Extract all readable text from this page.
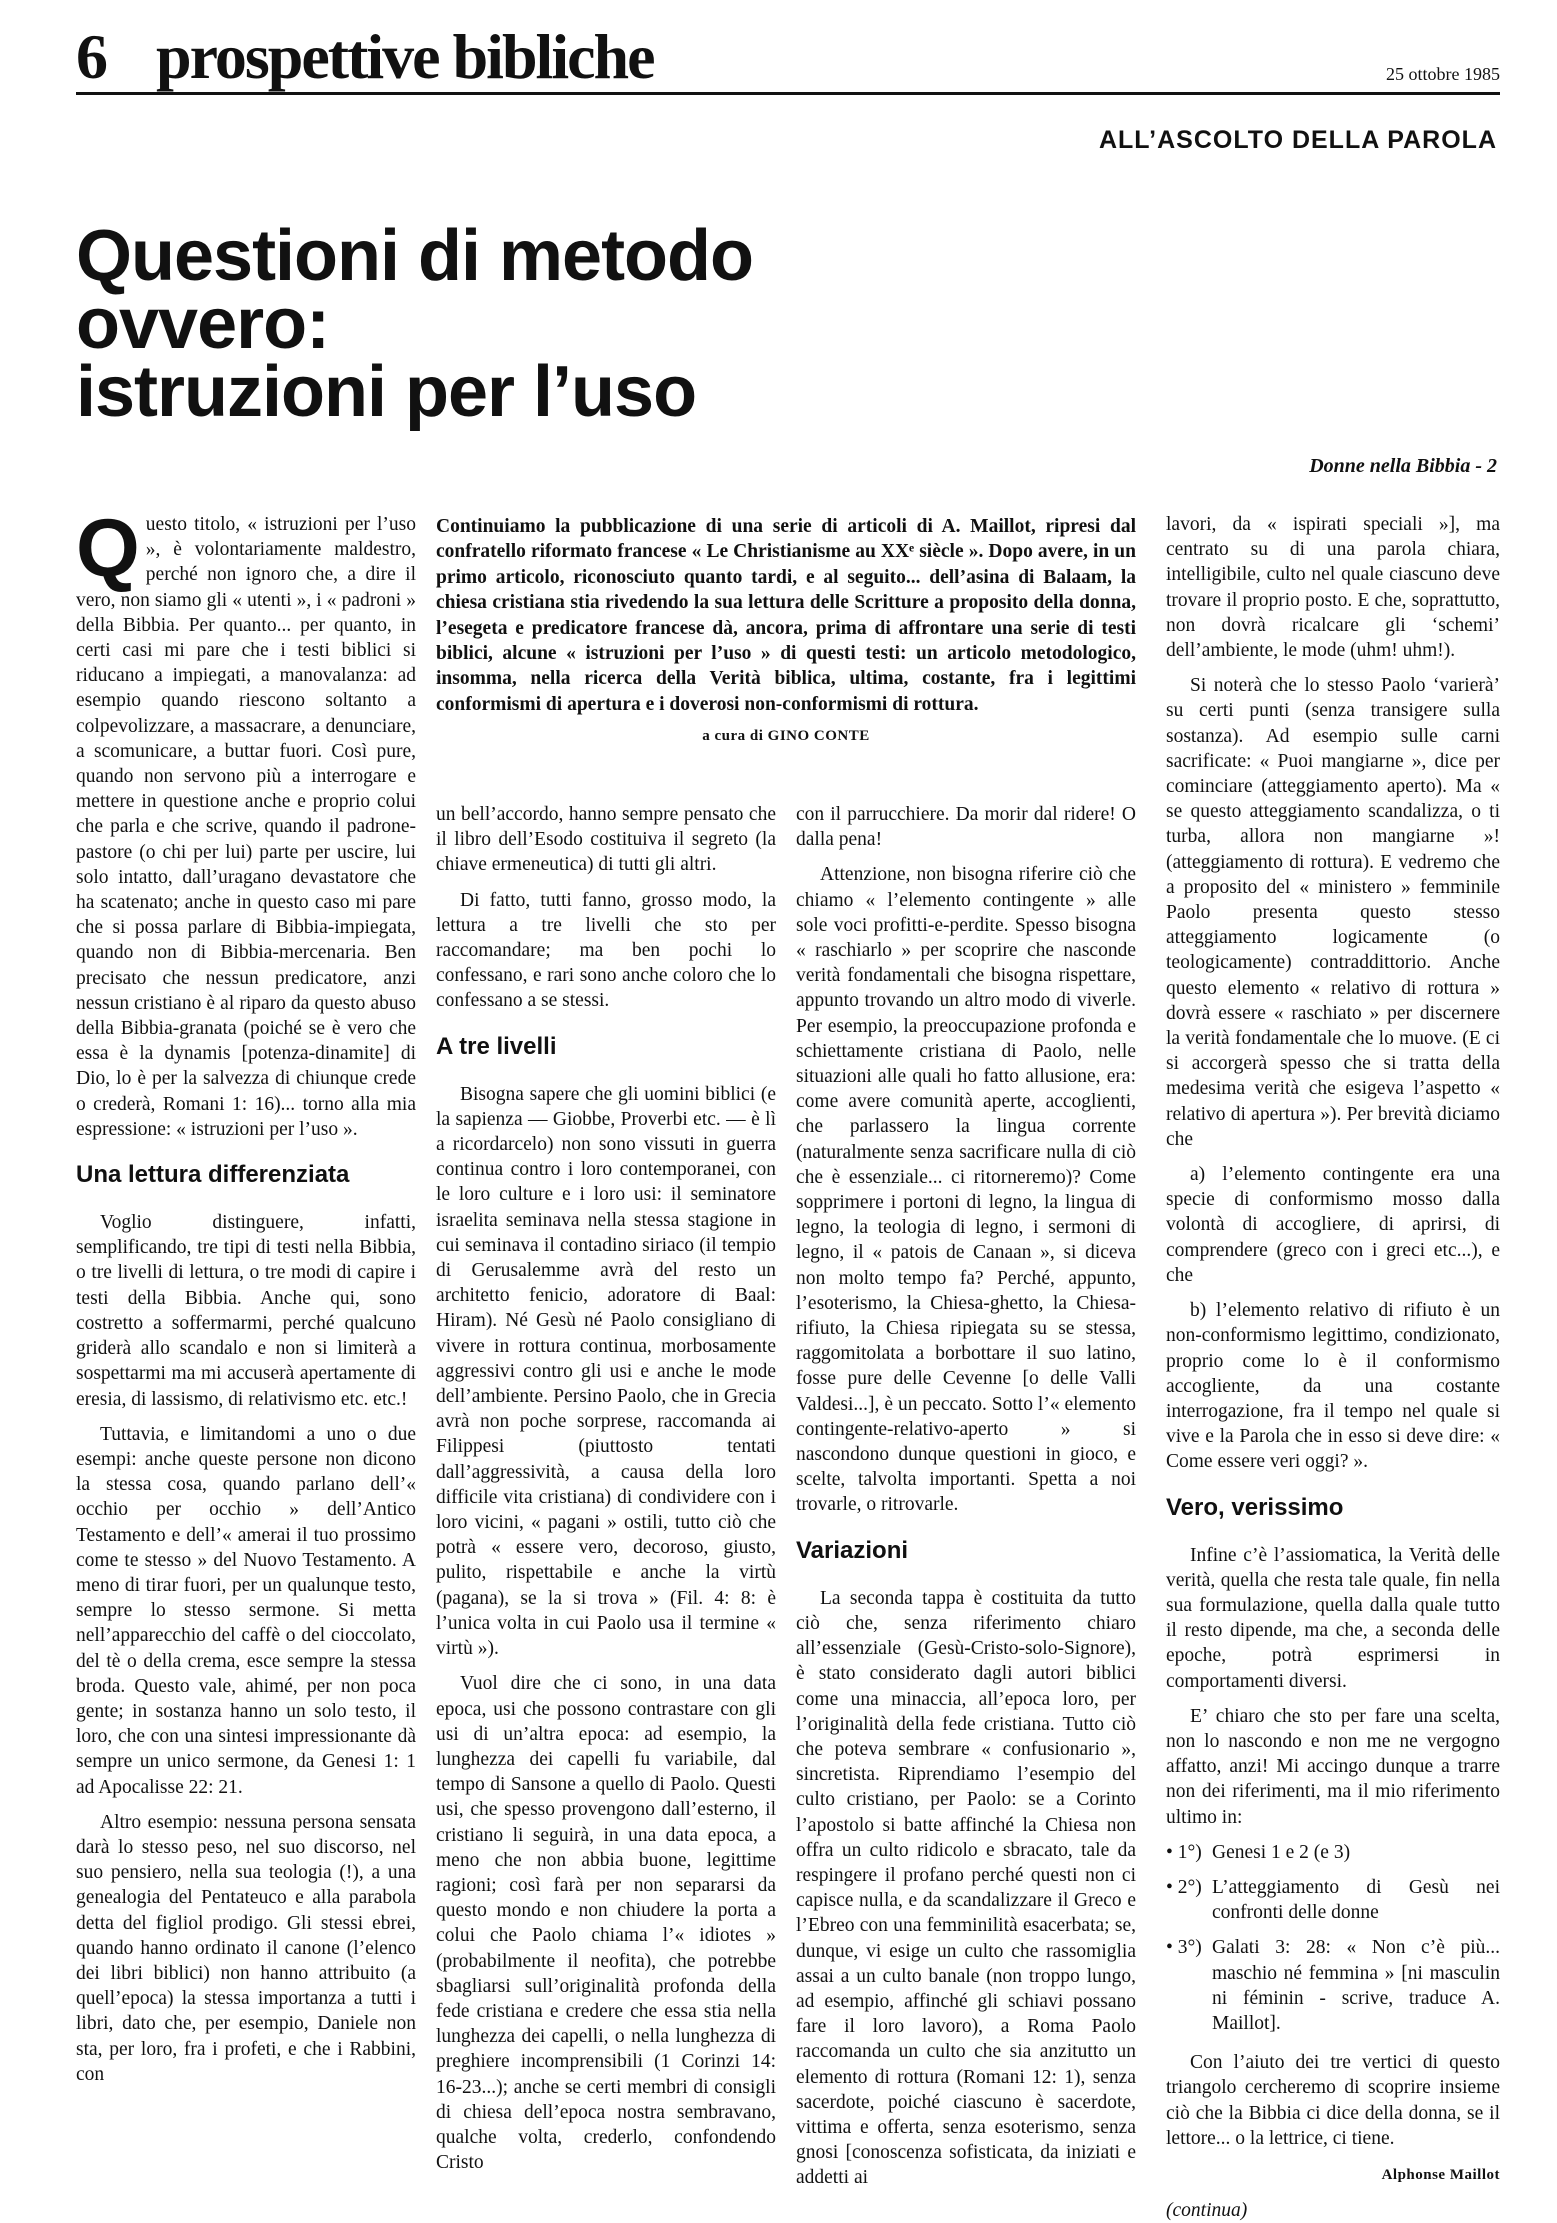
6 prospettive bibliche	25 ottobre 1985
ALL’ASCOLTO DELLA PAROLA
Questioni di metodo
ovvero:
istruzioni per l’uso
Donne nella Bibbia - 2

Continuiamo la pubblicazione di una serie di articoli di A. Maillot, ripresi dal confratello riformato francese « Le Christianisme au XXᵉ siècle ». Dopo avere, in un primo articolo, riconosciuto quanto tardi, e al seguito... dell’asina di Balaam, la chiesa cristiana stia rivedendo la sua lettura delle Scritture a proposito della donna, l’esegeta e predicatore francese dà, ancora, prima di affrontare una serie di testi biblici, alcune « istruzioni per l’uso » di questi testi: un articolo metodologico, insomma, nella ricerca della Verità biblica, ultima, costante, fra i legittimi conformismi di apertura e i doverosi non-conformismi di rottura.

a cura di GINO CONTE

Questo titolo, « istruzioni per l’uso », è volontariamente maldestro, perché non ignoro che, a dire il vero, non siamo gli « utenti », i « padroni » della Bibbia. Per quanto... per quanto, in certi casi mi pare che i testi biblici si riducano a impiegati, a manovalanza: ad esempio quando riescono soltanto a colpevolizzare, a massacrare, a denunciare, a scomunicare, a buttar fuori. Così pure, quando non servono più a interrogare e mettere in questione anche e proprio colui che parla e che scrive, quando il padrone-pastore (o chi per lui) parte per uscire, lui solo intatto, dall’uragano devastatore che ha scatenato; anche in questo caso mi pare che si possa parlare di Bibbia-impiegata, quando non di Bibbia-mercenaria. Ben precisato che nessun predicatore, anzi nessun cristiano è al riparo da questo abuso della Bibbia-granata (poiché se è vero che essa è la dynamis [potenza-dinamite] di Dio, lo è per la salvezza di chiunque crede o crederà, Romani 1: 16)... torno alla mia espressione: « istruzioni per l’uso ».

Una lettura differenziata

Voglio distinguere, infatti, semplificando, tre tipi di testi nella Bibbia, o tre livelli di lettura, o tre modi di capire i testi della Bibbia. Anche qui, sono costretto a soffermarmi, perché qualcuno griderà allo scandalo e non si limiterà a sospettarmi ma mi accuserà apertamente di eresia, di lassismo, di relativismo etc. etc.!

Tuttavia, e limitandomi a uno o due esempi: anche queste persone non dicono la stessa cosa, quando parlano dell’« occhio per occhio » dell’Antico Testamento e dell’« amerai il tuo prossimo come te stesso » del Nuovo Testamento. A meno di tirar fuori, per un qualunque testo, sempre lo stesso sermone. Si metta nell’apparecchio del caffè o del cioccolato, del tè o della crema, esce sempre la stessa broda. Questo vale, ahimé, per non poca gente; in sostanza hanno un solo testo, il loro, che con una sintesi impressionante dà sempre un unico sermone, da Genesi 1: 1 ad Apocalisse 22: 21.

Altro esempio: nessuna persona sensata darà lo stesso peso, nel suo discorso, nel suo pensiero, nella sua teologia (!), a una genealogia del Pentateuco e alla parabola detta del figliol prodigo. Gli stessi ebrei, quando hanno ordinato il canone (l’elenco dei libri biblici) non hanno attribuito (a quell’epoca) la stessa importanza a tutti i libri, dato che, per esempio, Daniele non sta, per loro, fra i profeti, e che i Rabbini, con

un bell’accordo, hanno sempre pensato che il libro dell’Esodo costituiva il segreto (la chiave ermeneutica) di tutti gli altri.

Di fatto, tutti fanno, grosso modo, la lettura a tre livelli che sto per raccomandare; ma ben pochi lo confessano, e rari sono anche coloro che lo confessano a se stessi.

A tre livelli

Bisogna sapere che gli uomini biblici (e la sapienza — Giobbe, Proverbi etc. — è lì a ricordarcelo) non sono vissuti in guerra continua contro i loro contemporanei, con le loro culture e i loro usi: il seminatore israelita seminava nella stessa stagione in cui seminava il contadino siriaco (il tempio di Gerusalemme avrà del resto un architetto fenicio, adoratore di Baal: Hiram). Né Gesù né Paolo consigliano di vivere in rottura continua, morbosamente aggressivi contro gli usi e anche le mode dell’ambiente. Persino Paolo, che in Grecia avrà non poche sorprese, raccomanda ai Filippesi (piuttosto tentati dall’aggressività, a causa della loro difficile vita cristiana) di condividere con i loro vicini, « pagani » ostili, tutto ciò che potrà « essere vero, decoroso, giusto, pulito, rispettabile e anche la virtù (pagana), se la si trova » (Fil. 4: 8: è l’unica volta in cui Paolo usa il termine « virtù »).

Vuol dire che ci sono, in una data epoca, usi che possono contrastare con gli usi di un’altra epoca: ad esempio, la lunghezza dei capelli fu variabile, dal tempo di Sansone a quello di Paolo. Questi usi, che spesso provengono dall’esterno, il cristiano li seguirà, in una data epoca, a meno che non abbia buone, legittime ragioni; così farà per non separarsi da questo mondo e non chiudere la porta a colui che Paolo chiama l’« idiotes » (probabilmente il neofita), che potrebbe sbagliarsi sull’originalità profonda della fede cristiana e credere che essa stia nella lunghezza dei capelli, o nella lunghezza di preghiere incomprensibili (1 Corinzi 14: 16-23...); anche se certi membri di consigli di chiesa dell’epoca nostra sembravano, qualche volta, crederlo, confondendo Cristo

con il parrucchiere. Da morir dal ridere! O dalla pena!

Attenzione, non bisogna riferire ciò che chiamo « l’elemento contingente » alle sole voci profitti-e-perdite. Spesso bisogna « raschiarlo » per scoprire che nasconde verità fondamentali che bisogna rispettare, appunto trovando un altro modo di viverle. Per esempio, la preoccupazione profonda e schiettamente cristiana di Paolo, nelle situazioni alle quali ho fatto allusione, era: come avere comunità aperte, accoglienti, che parlassero la lingua corrente (naturalmente senza sacrificare nulla di ciò che è essenziale... ci ritorneremo)? Come sopprimere i portoni di legno, la lingua di legno, la teologia di legno, i sermoni di legno, il « patois de Canaan », si diceva non molto tempo fa? Perché, appunto, l’esoterismo, la Chiesa-ghetto, la Chiesa-rifiuto, la Chiesa ripiegata su se stessa, raggomitolata a borbottare il suo latino, fosse pure delle Cevenne [o delle Valli Valdesi...], è un peccato. Sotto l’« elemento contingente-relativo-aperto » si nascondono dunque questioni in gioco, e scelte, talvolta importanti. Spetta a noi trovarle, o ritrovarle.

Variazioni

La seconda tappa è costituita da tutto ciò che, senza riferimento chiaro all’essenziale (Gesù-Cristo-solo-Signore), è stato considerato dagli autori biblici come una minaccia, all’epoca loro, per l’originalità della fede cristiana. Tutto ciò che poteva sembrare « confusionario », sincretista. Riprendiamo l’esempio del culto cristiano, per Paolo: se a Corinto l’apostolo si batte affinché la Chiesa non offra un culto ridicolo e sbracato, tale da respingere il profano perché questi non ci capisce nulla, e da scandalizzare il Greco e l’Ebreo con una femminilità esacerbata; se, dunque, vi esige un culto che rassomiglia assai a un culto banale (non troppo lungo, ad esempio, affinché gli schiavi possano fare il loro lavoro), a Roma Paolo raccomanda un culto che sia anzitutto un elemento di rottura (Romani 12: 1), senza sacerdote, poiché ciascuno è sacerdote, vittima e offerta, senza esoterismo, senza gnosi [conoscenza sofisticata, da iniziati e addetti ai

lavori, da « ispirati speciali »], ma centrato su di una parola chiara, intelligibile, culto nel quale ciascuno deve trovare il proprio posto. E che, soprattutto, non dovrà ricalcare gli ‘schemi’ dell’ambiente, le mode (uhm! uhm!).

Si noterà che lo stesso Paolo ‘varierà’ su certi punti (senza transigere sulla sostanza). Ad esempio sulle carni sacrificate: « Puoi mangiarne », dice per cominciare (atteggiamento aperto). Ma « se questo atteggiamento scandalizza, o ti turba, allora non mangiarne »! (atteggiamento di rottura). E vedremo che a proposito del « ministero » femminile Paolo presenta questo stesso atteggiamento logicamente (o teologicamente) contraddittorio. Anche questo elemento « relativo di rottura » dovrà essere « raschiato » per discernere la verità fondamentale che lo muove. (E ci si accorgerà spesso che si tratta della medesima verità che esigeva l’aspetto « relativo di apertura »). Per brevità diciamo che

a) l’elemento contingente era una specie di conformismo mosso dalla volontà di accogliere, di aprirsi, di comprendere (greco con i greci etc...), e che

b) l’elemento relativo di rifiuto è un non-conformismo legittimo, condizionato, proprio come lo è il conformismo accogliente, da una costante interrogazione, fra il tempo nel quale si vive e la Parola che in esso si deve dire: « Come essere veri oggi? ».

Vero, verissimo

Infine c’è l’assiomatica, la Verità delle verità, quella che resta tale quale, fin nella sua formulazione, quella dalla quale tutto il resto dipende, ma che, a seconda delle epoche, potrà esprimersi in comportamenti diversi.

E’ chiaro che sto per fare una scelta, non lo nascondo e non me ne vergogno affatto, anzi! Mi accingo dunque a trarre non dei riferimenti, ma il mio riferimento ultimo in:

• 1°) Genesi 1 e 2 (e 3)
• 2°) L’atteggiamento di Gesù nei confronti delle donne
• 3°) Galati 3: 28: « Non c’è più... maschio né femmina » [ni masculin ni féminin - scrive, traduce A. Maillot].

Con l’aiuto dei tre vertici di questo triangolo cercheremo di scoprire insieme ciò che la Bibbia ci dice della donna, se il lettore... o la lettrice, ci tiene.

Alphonse Maillot
(continua)
